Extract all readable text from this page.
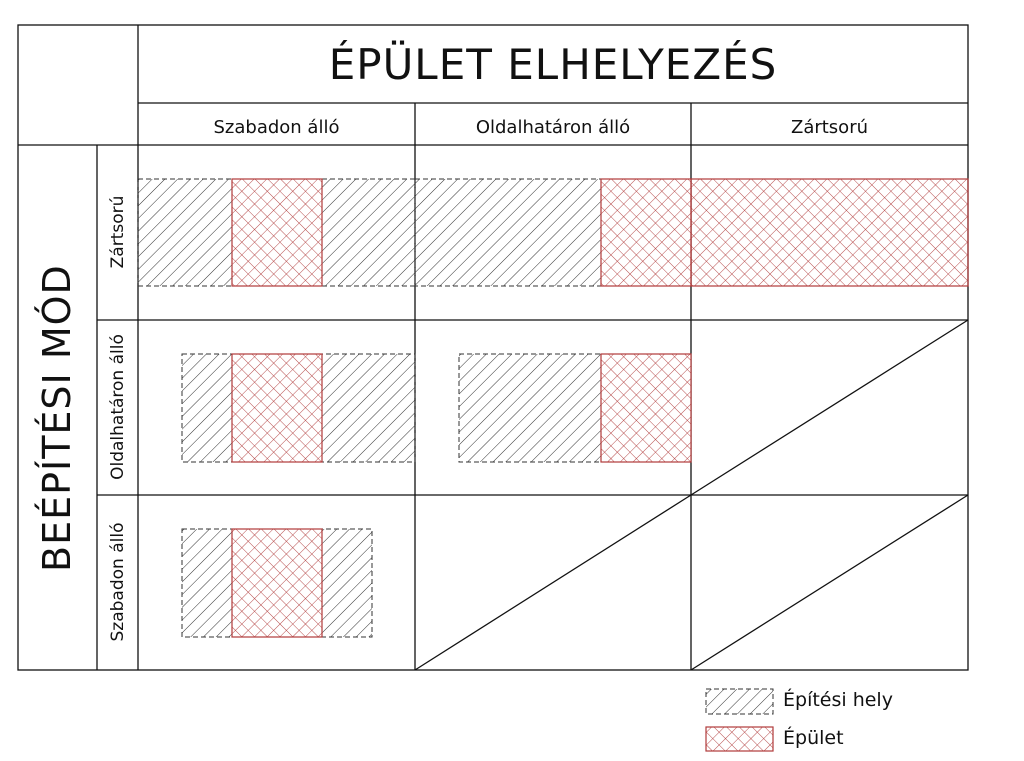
ÉPÜLET ELHELYEZÉS
Szabadon álló	Oldalhatáron álló	Zártsorú
BEÉPÍTÉSI MÓD
Zártsorú
Oldalhatáron álló
Szabadon álló
Építési hely
Épület
